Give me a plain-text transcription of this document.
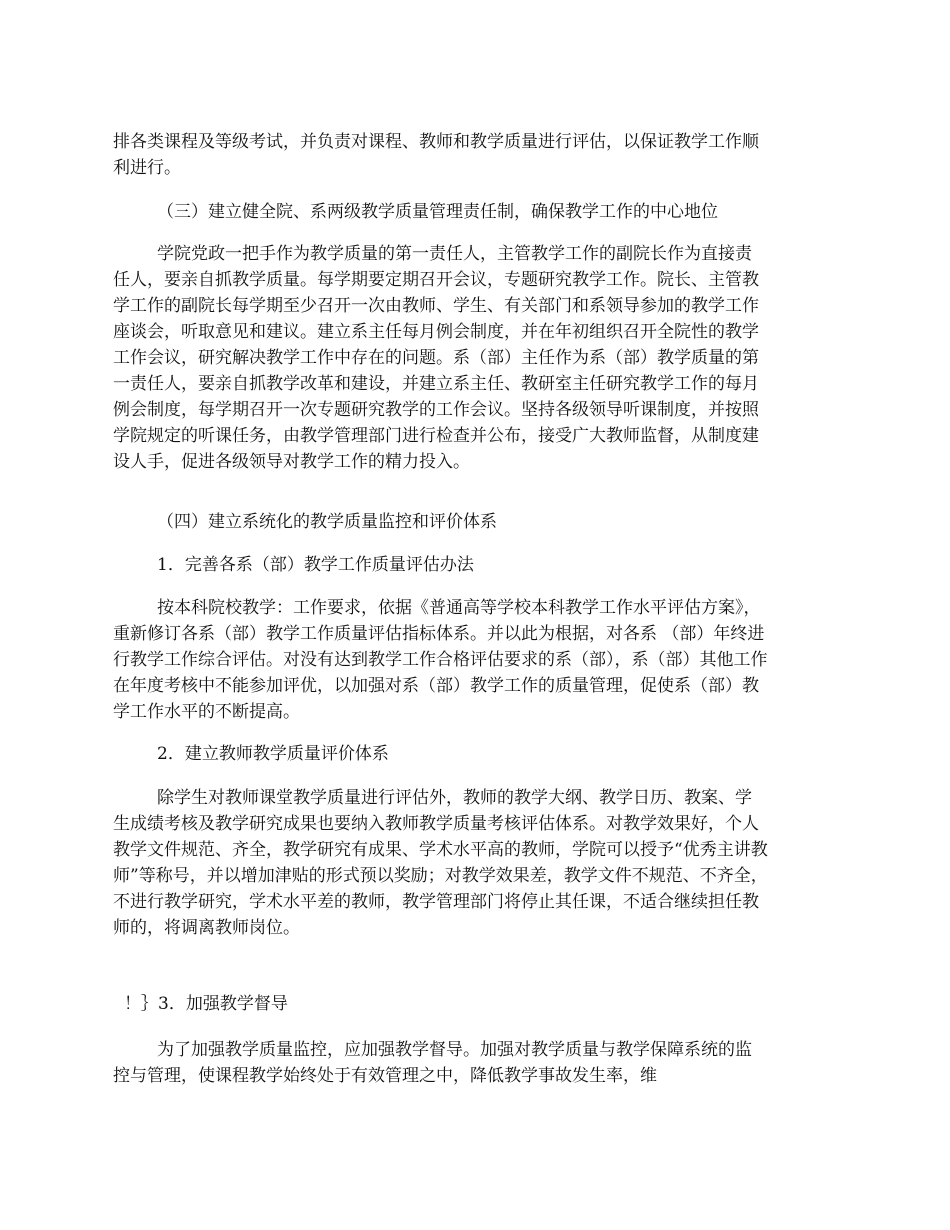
排各类课程及等级考试，并负责对课程、教师和教学质量进行评估，以保证教学工作顺利进行。

（三）建立健全院、系两级教学质量管理责任制，确保教学工作的中心地位

学院党政一把手作为教学质量的第一责任人，主管教学工作的副院长作为直接责任人，要亲自抓教学质量。每学期要定期召开会议，专题研究教学工作。院长、主管教学工作的副院长每学期至少召开一次由教师、学生、有关部门和系领导参加的教学工作座谈会，听取意见和建议。建立系主任每月例会制度，并在年初组织召开全院性的教学工作会议，研究解决教学工作中存在的问题。系（部）主任作为系（部）教学质量的第一责任人，要亲自抓教学改革和建设，并建立系主任、教研室主任研究教学工作的每月例会制度，每学期召开一次专题研究教学的工作会议。坚持各级领导听课制度，并按照学院规定的听课任务，由教学管理部门进行检查并公布，接受广大教师监督，从制度建设人手，促进各级领导对教学工作的精力投入。

（四）建立系统化的教学质量监控和评价体系

1．完善各系（部）教学工作质量评估办法

按本科院校教学：工作要求，依据《普通高等学校本科教学工作水平评估方案》，重新修订各系（部）教学工作质量评估指标体系。并以此为根据，对各系 （部）年终进行教学工作综合评估。对没有达到教学工作合格评估要求的系（部），系（部）其他工作在年度考核中不能参加评优，以加强对系（部）教学工作的质量管理，促使系（部）教学工作水平的不断提高。

2．建立教师教学质量评价体系

除学生对教师课堂教学质量进行评估外，教师的教学大纲、教学日历、教案、学生成绩考核及教学研究成果也要纳入教师教学质量考核评估体系。对教学效果好，个人教学文件规范、齐全，教学研究有成果、学术水平高的教师，学院可以授予“优秀主讲教师”等称号，并以增加津贴的形式预以奖励；对教学效果差，教学文件不规范、不齐全，不进行教学研究，学术水平差的教师，教学管理部门将停止其任课，不适合继续担任教师的，将调离教师岗位。

！｝3．加强教学督导

为了加强教学质量监控，应加强教学督导。加强对教学质量与教学保障系统的监控与管理，使课程教学始终处于有效管理之中，降低教学事故发生率，维
